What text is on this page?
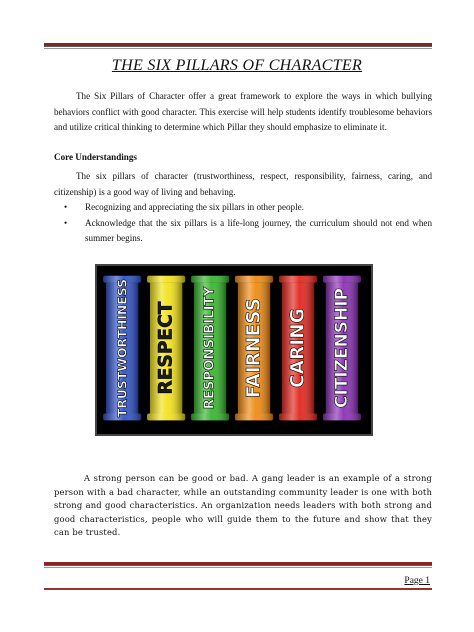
THE SIX PILLARS OF CHARACTER
The Six Pillars of Character offer a great framework to explore the ways in which bullying behaviors conflict with good character. This exercise will help students identify troublesome behaviors and utilize critical thinking to determine which Pillar they should emphasize to eliminate it.
Core Understandings
The six pillars of character (trustworthiness, respect, responsibility, fairness, caring, and citizenship) is a good way of living and behaving.
• Recognizing and appreciating the six pillars in other people.
• Acknowledge that the six pillars is a life-long journey, the curriculum should not end when summer begins.
TRUSTWORTHINESS RESPECT RESPONSIBILITY FAIRNESS CARING CITIZENSHIP
A strong person can be good or bad. A gang leader is an example of a strong person with a bad character, while an outstanding community leader is one with both strong and good characteristics. An organization needs leaders with both strong and good characteristics, people who will guide them to the future and show that they can be trusted.
Page 1
